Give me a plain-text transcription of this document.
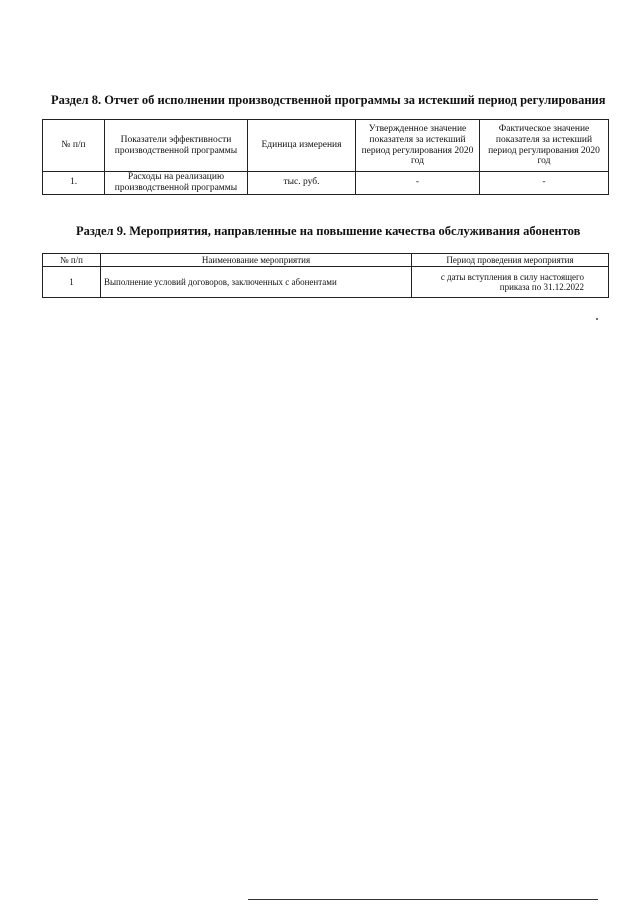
Раздел 8. Отчет об исполнении производственной программы за истекший период регулирования
№ п/п	Показатели эффективности производственной программы	Единица измерения	Утвержденное значение показателя за истекший период регулирования 2020 год	Фактическое значение показателя за истекший период регулирования 2020 год
1.	Расходы на реализацию производственной программы	тыс. руб.	-	-
Раздел 9. Мероприятия, направленные на повышение качества обслуживания абонентов
№ п/п	Наименование мероприятия	Период проведения мероприятия
1	Выполнение условий договоров, заключенных с абонентами	с даты вступления в силу настоящего приказа по 31.12.2022
